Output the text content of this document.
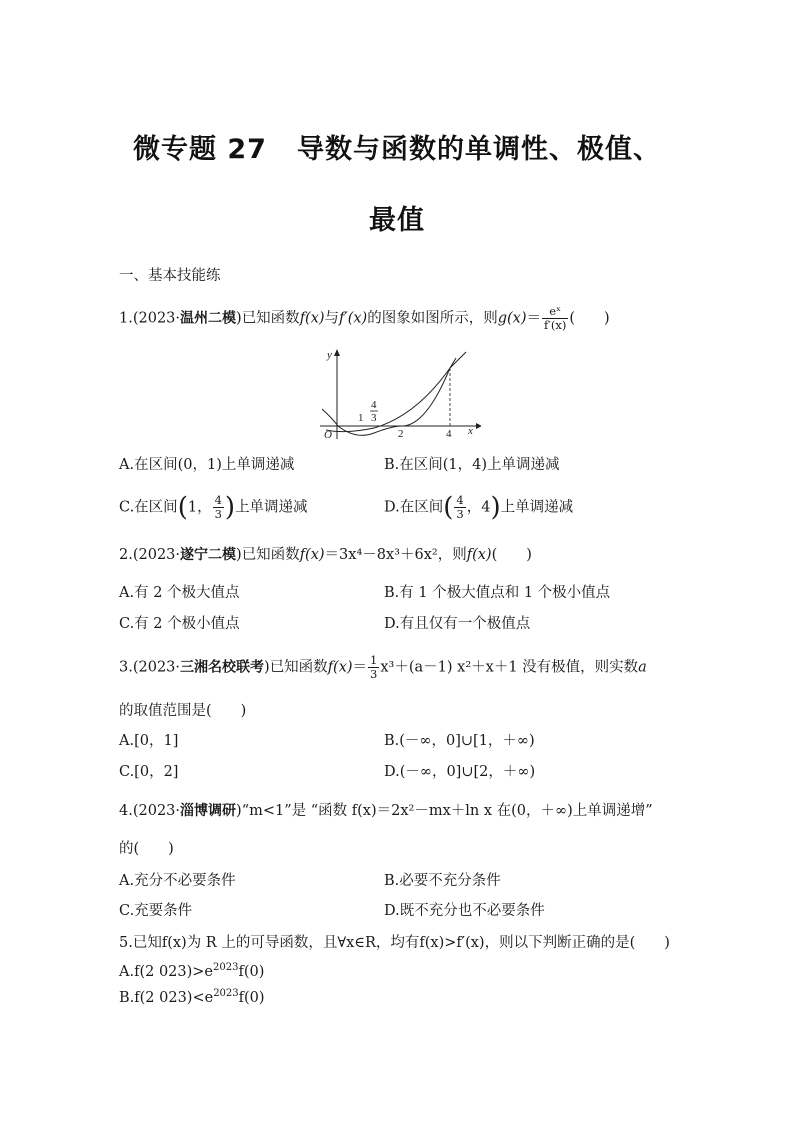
微专题 27 导数与函数的单调性、极值、
最值
一、基本技能练
1.(2023·温州二模)已知函数f(x)与f′(x)的图象如图所示，则$g(x)= \frac{\text{eˣ}}{f'(x)}$ (　　)
y
x
O
1
4
3
2	4
A.在区间(0，1)上单调递减	B.在区间(1，4)上单调递减
C.在区间(1， $\frac{4}{3}$ )上单调递减	D.在区间( $\frac{4}{3}$ ，4)上单调递减
2.(2023·遂宁二模)已知函数f(x)＝3x⁴－8x³＋6x²，则f(x)(　　)
A.有 2 个极大值点	B.有 1 个极大值点和 1 个极小值点
C.有 2 个极小值点	D.有且仅有一个极值点
3.(2023·三湘名校联考)已知函数$f(x)= \frac{1}{3} x^3+(a-1)$ x²＋x＋1 没有极值，则实数a
的取值范围是(　　)
A.[0，1]	B.(－∞，0]∪[1，＋∞)
C.[0，2]	D.(－∞，0]∪[2，＋∞)
4.(2023·淄博调研)“m<1”是 “函数 f(x)＝2x²－mx＋ln x 在(0，＋∞)上单调递增”
的(　　)
A.充分不必要条件	B.必要不充分条件
C.充要条件	D.既不充分也不必要条件
5.已知f(x)为 R 上的可导函数，且∀x∈R，均有f(x)>f′(x)，则以下判断正确的是(　　)
A.f(2 $023)>e^{2023}f(0)$
B.f(2 $023)<e^{2023}f(0)$
